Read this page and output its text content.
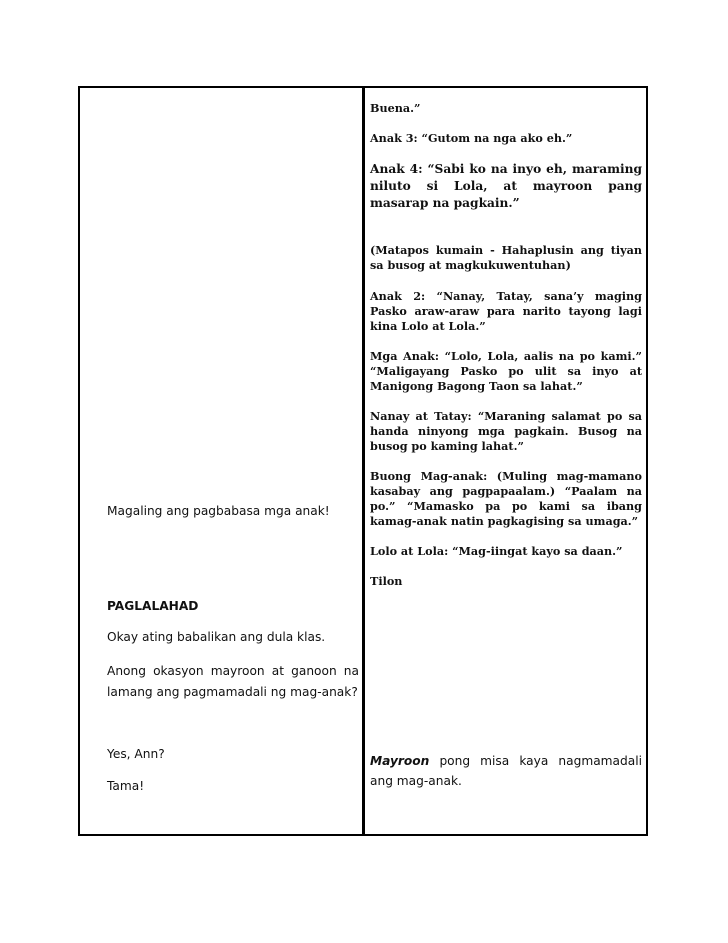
Buena.”

Anak 3: “Gutom na nga ako eh.”

Anak 4: “Sabi ko na inyo eh, maraming niluto si Lola, at mayroon pang masarap na pagkain.”

(Matapos kumain - Hahaplusin ang tiyan sa busog at magkukuwentuhan)

Anak 2: “Nanay, Tatay, sana’y maging Pasko araw-araw para narito tayong lagi kina Lolo at Lola.”

Mga Anak: “Lolo, Lola, aalis na po kami.” “Maligayang Pasko po ulit sa inyo at Manigong Bagong Taon sa lahat.”

Nanay at Tatay: “Maraning salamat po sa handa ninyong mga pagkain. Busog na busog po kaming lahat.”

Buong Mag-anak: (Muling mag-mamano kasabay ang pagpapaalam.) “Paalam na po.” “Mamasko pa po kami sa ibang kamag-anak natin pagkagising sa umaga.”

Lolo at Lola: “Mag-iingat kayo sa daan.”

Tilon

Mayroon pong misa kaya nagmamadali ang mag-anak.

Magaling ang pagbabasa mga anak!

PAGLALAHAD

Okay ating babalikan ang dula klas.

Anong okasyon mayroon at ganoon na lamang ang pagmamadali ng mag-anak?

Yes, Ann?

Tama!
